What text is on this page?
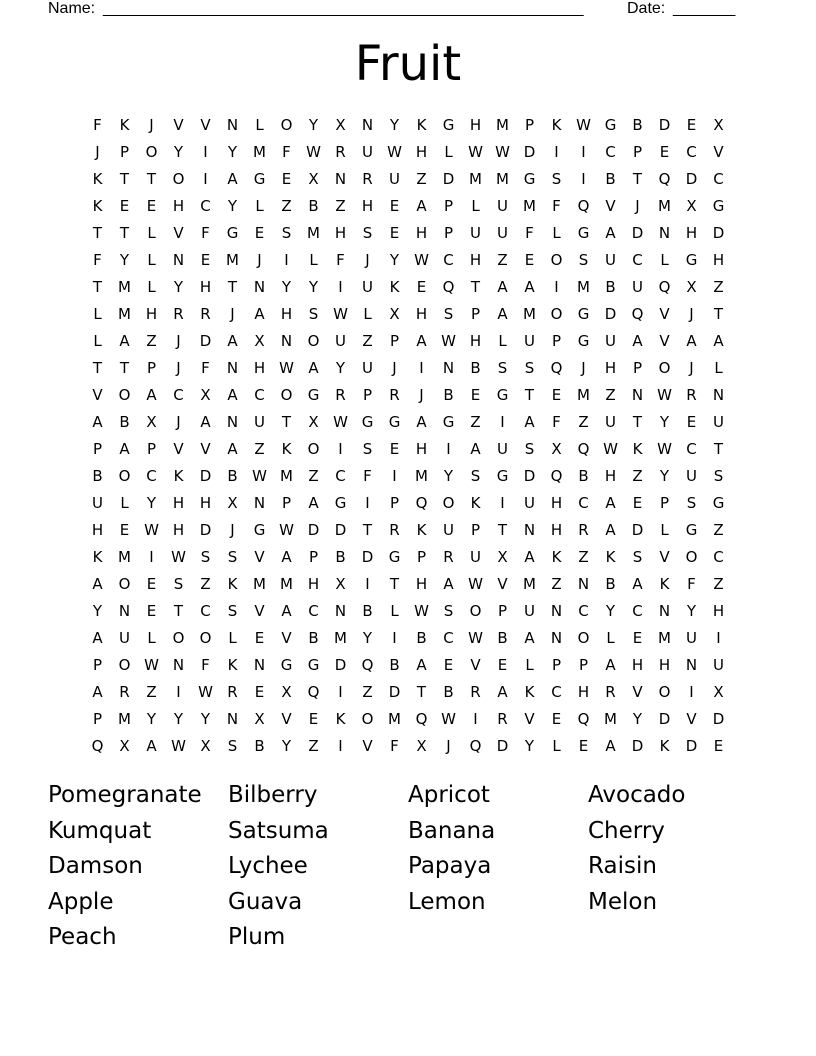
Name: ______________________________________________________	Date: _______
Fruit
F	K	J	V	V	N	L	O	Y	X	N	Y	K	G	H M	P	K W G	B	D	E	X
J	P	O	Y	I	Y	M	F	W R	U W H	L	W W D	I	I	C	P	E	C	V
K	T	T	O	I	A	G	E	X	N	R	U	Z	D M M G	S	I	B	T	Q	D	C
K	E	E	H	C	Y	L	Z	B	Z	H	E	A	P	L	U	M	F	Q	V	J	M	X	G
T	T	L	V	F	G	E	S	M H	S	E	H	P	U	U	F	L	G	A	D	N	H	D
F	Y	L	N	E	M	J	I	L	F	J	Y	W C	H	Z	E	O	S	U	C	L	G	H
T	M	L	Y	H	T	N	Y	Y	I	U	K	E	Q	T	A	A	I	M	B	U	Q	X	Z
L	M H	R	R	J	A	H	S W	L	X	H	S	P	A	M O	G	D	Q	V	J	T
L	A	Z	J	D	A	X	N	O	U	Z	P	A W H	L	U	P	G	U	A	V	A	A
T	T	P	J	F	N	H W A	Y	U	J	I	N	B	S	S	Q	J	H	P	O	J	L
V	O	A	C	X	A	C	O	G	R	P	R	J	B	E	G	T	E	M	Z	N W R	N
A	B	X	J	A	N	U	T	X W G	G	A	G	Z	I	A	F	Z	U	T	Y	E	U
P	A	P	V	V	A	Z	K	O	I	S	E	H	I	A	U	S	X	Q W K W C	T
B	O	C	K	D	B W M	Z	C	F	I	M	Y	S	G	D	Q	B	H	Z	Y	U	S
U	L	Y	H	H	X	N	P	A	G	I	P	Q	O	K	I	U	H	C	A	E	P	S	G
H	E W H	D	J	G W D	D	T	R	K	U	P	T	N	H	R	A	D	L	G	Z
K	M	I	W S	S	V	A	P	B	D	G	P	R	U	X	A	K	Z	K	S	V	O	C
A	O	E	S	Z	K	M M H	X	I	T	H	A W V	M	Z	N	B	A	K	F	Z
Y	N	E	T	C	S	V	A	C	N	B	L	W S	O	P	U	N	C	Y	C	N	Y	H
A	U	L	O	O	L	E	V	B	M	Y	I	B	C W B	A	N	O	L	E	M	U	I
P	O W N	F	K	N	G	G	D	Q	B	A	E	V	E	L	P	P	A	H	H	N	U
A	R	Z	I	W R	E	X	Q	I	Z	D	T	B	R	A	K	C	H	R	V	O	I	X
P	M	Y	Y	Y	N	X	V	E	K	O M Q W	I	R	V	E	Q M	Y	D	V	D
Q	X	A W X	S	B	Y	Z	I	V	F	X	J	Q	D	Y	L	E	A	D	K	D	E
Pomegranate	Bilberry	Apricot	Avocado
Kumquat	Satsuma	Banana	Cherry
Damson	Lychee	Papaya	Raisin
Apple	Guava	Lemon	Melon
Peach	Plum
